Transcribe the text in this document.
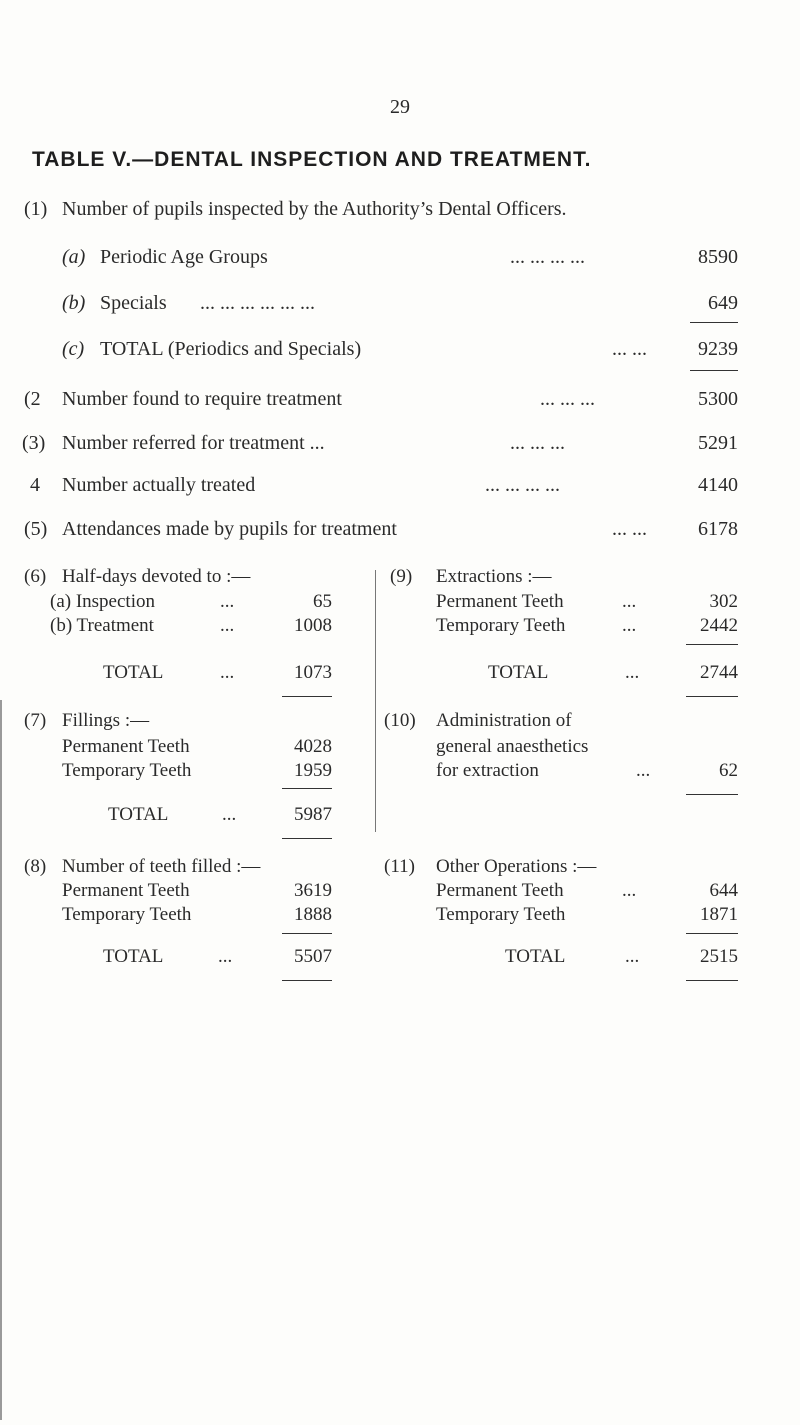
29
TABLE V.—DENTAL INSPECTION AND TREATMENT.
(1) Number of pupils inspected by the Authority’s Dental Officers.
(a) Periodic Age Groups	... ... ... ...	8590
(b) Specials ... ... ... ... ... ...	649
(c) TOTAL (Periodics and Specials)	... ...	9239
(2 Number found to require treatment	... ... ...	5300
(3) Number referred for treatment ...	... ... ...	5291
4 Number actually treated	... ... ... ...	4140
(5) Attendances made by pupils for treatment	... ...	6178
(6) Half-days devoted to :—
(a) Inspection	...	65
(b) Treatment	...	1008
TOTAL	...	1073
(9) Extractions :—
Permanent Teeth	...	302
Temporary Teeth	...	2442
TOTAL	...	2744
(7) Fillings :—
Permanent Teeth	4028
Temporary Teeth	1959
TOTAL	...	5987
(10) Administration of
general anaesthetics
for extraction	...	62
(8) Number of teeth filled :—
Permanent Teeth	3619
Temporary Teeth	1888
TOTAL	...	5507
(11) Other Operations :—
Permanent Teeth	...	644
Temporary Teeth	1871
TOTAL	...	2515
